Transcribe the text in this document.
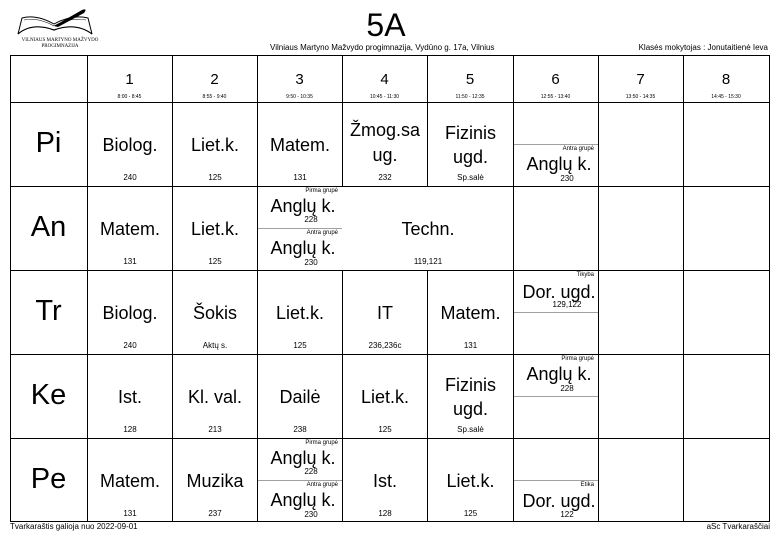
VILNIAUS MARTYNO MAŽVYDO
PROGIMNAZIJA
5A
Vilniaus Martyno Mažvydo progimnazija, Vydūno g. 17a, Vilnius	Klasės mokytojas : Jonutaitienė Ieva
1
8:00 - 8:45
2
8:55 - 9:40
3
9:50 - 10:35
4
10:45 - 11:30
5
11:50 - 12:35
6
12:55 - 13:40
7
13:50 - 14:35
8
14:45 - 15:30
Pi
An
Tr
Ke
Pe
Biolog.
240
Liet.k.
125
Matem.
131
Žmog.sa
ug.
232
Fizinis
ugd.
Sp.salė
Antra grupė
Anglų k.
230
Matem.
131
Liet.k.
125
Pirma grupė
Anglų k.
228
Antra grupė
Anglų k.
230
Techn.
119,121
Biolog.
240
Šokis
Aktų s.
Liet.k.
125
IT
236,236c
Matem.
131
Tikyba
Dor. ugd.
129,122
Ist.
128
Kl. val.
213
Dailė
238
Liet.k.
125
Fizinis
ugd.
Sp.salė
Pirma grupė
Anglų k.
228
Matem.
131
Muzika
237
Pirma grupė
Anglų k.
228
Antra grupė
Anglų k.
230
Ist.
128
Liet.k.
125
Etika
Dor. ugd.
122
Tvarkaraštis galioja nuo 2022-09-01	aSc Tvarkaraščiai
